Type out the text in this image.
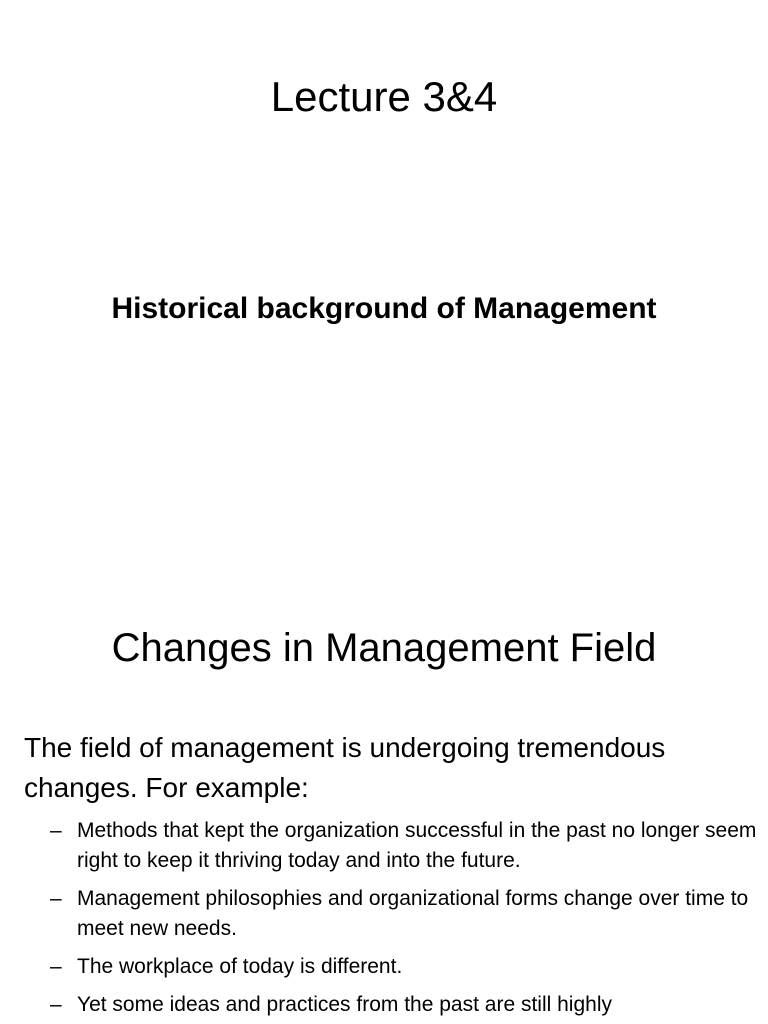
Lecture 3&4
Historical background of Management
Changes in Management Field

The field of management is undergoing tremendous changes. For example:

– Methods that kept the organization successful in the past no longer seem right to keep it thriving today and into the future.
– Management philosophies and organizational forms change over time to meet new needs.
– The workplace of today is different.
– Yet some ideas and practices from the past are still highly
